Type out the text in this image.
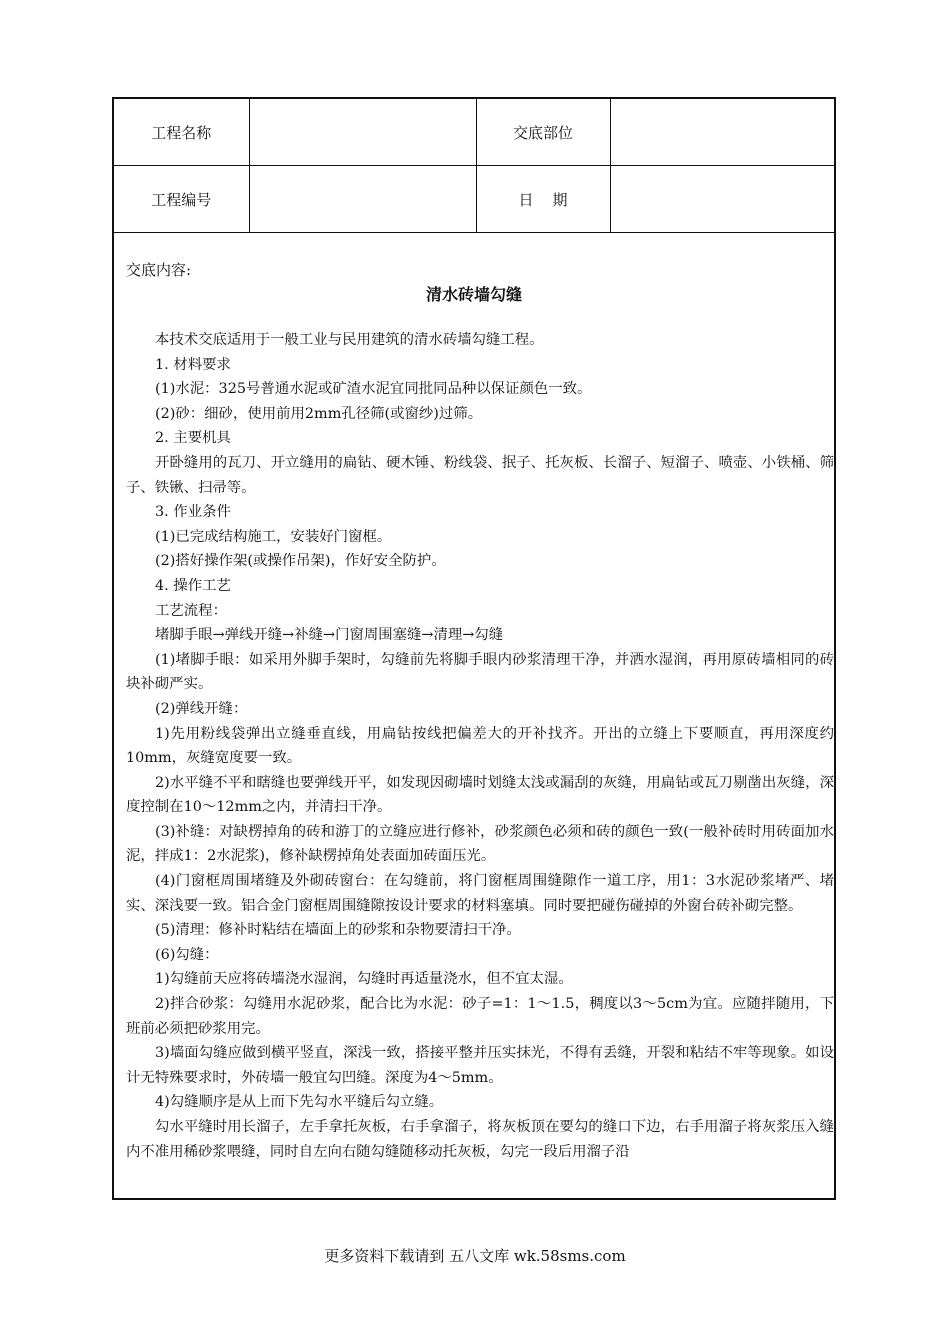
工程名称		交底部位	
工程编号		日    期	
交底内容:
清水砖墙勾缝

本技术交底适用于一般工业与民用建筑的清水砖墙勾缝工程。

1. 材料要求

(1)水泥：325号普通水泥或矿渣水泥宜同批同品种以保证颜色一致。

(2)砂：细砂，使用前用2mm孔径筛(或窗纱)过筛。

2. 主要机具

开卧缝用的瓦刀、开立缝用的扁钻、硬木锤、粉线袋、抿子、托灰板、长溜子、短溜子、喷壶、小铁桶、筛子、铁锹、扫帚等。

3. 作业条件

(1)已完成结构施工，安装好门窗框。

(2)搭好操作架(或操作吊架)，作好安全防护。

4. 操作工艺

工艺流程：

堵脚手眼→弹线开缝→补缝→门窗周围塞缝→清理→勾缝

(1)堵脚手眼：如采用外脚手架时，勾缝前先将脚手眼内砂浆清理干净，并洒水湿润，再用原砖墙相同的砖块补砌严实。

(2)弹线开缝：

1)先用粉线袋弹出立缝垂直线，用扁钻按线把偏差大的开补找齐。开出的立缝上下要顺直，再用深度约10mm，灰缝宽度要一致。

2)水平缝不平和瞎缝也要弹线开平，如发现因砌墙时划缝太浅或漏刮的灰缝，用扁钻或瓦刀剔凿出灰缝，深度控制在10～12mm之内，并清扫干净。

(3)补缝：对缺楞掉角的砖和游丁的立缝应进行修补，砂浆颜色必须和砖的颜色一致(一般补砖时用砖面加水泥，拌成1：2水泥浆)，修补缺楞掉角处表面加砖面压光。

(4)门窗框周围堵缝及外砌砖窗台：在勾缝前，将门窗框周围缝隙作一道工序，用1：3水泥砂浆堵严、堵实、深浅要一致。铝合金门窗框周围缝隙按设计要求的材料塞填。同时要把碰伤碰掉的外窗台砖补砌完整。

(5)清理：修补时粘结在墙面上的砂浆和杂物要清扫干净。

(6)勾缝：

1)勾缝前天应将砖墙浇水湿润，勾缝时再适量浇水，但不宜太湿。

2)拌合砂浆：勾缝用水泥砂浆，配合比为水泥：砂子=1：1～1.5，稠度以3～5cm为宜。应随拌随用，下班前必须把砂浆用完。

3)墙面勾缝应做到横平竖直，深浅一致，搭接平整并压实抹光，不得有丢缝，开裂和粘结不牢等现象。如设计无特殊要求时，外砖墙一般宜勾凹缝。深度为4～5mm。

4)勾缝顺序是从上而下先勾水平缝后勾立缝。

勾水平缝时用长溜子，左手拿托灰板，右手拿溜子，将灰板顶在要勾的缝口下边，右手用溜子将灰浆压入缝内不准用稀砂浆喂缝，同时自左向右随勾缝随移动托灰板，勾完一段后用溜子沿

更多资料下载请到 五八文库 wk.58sms.com
